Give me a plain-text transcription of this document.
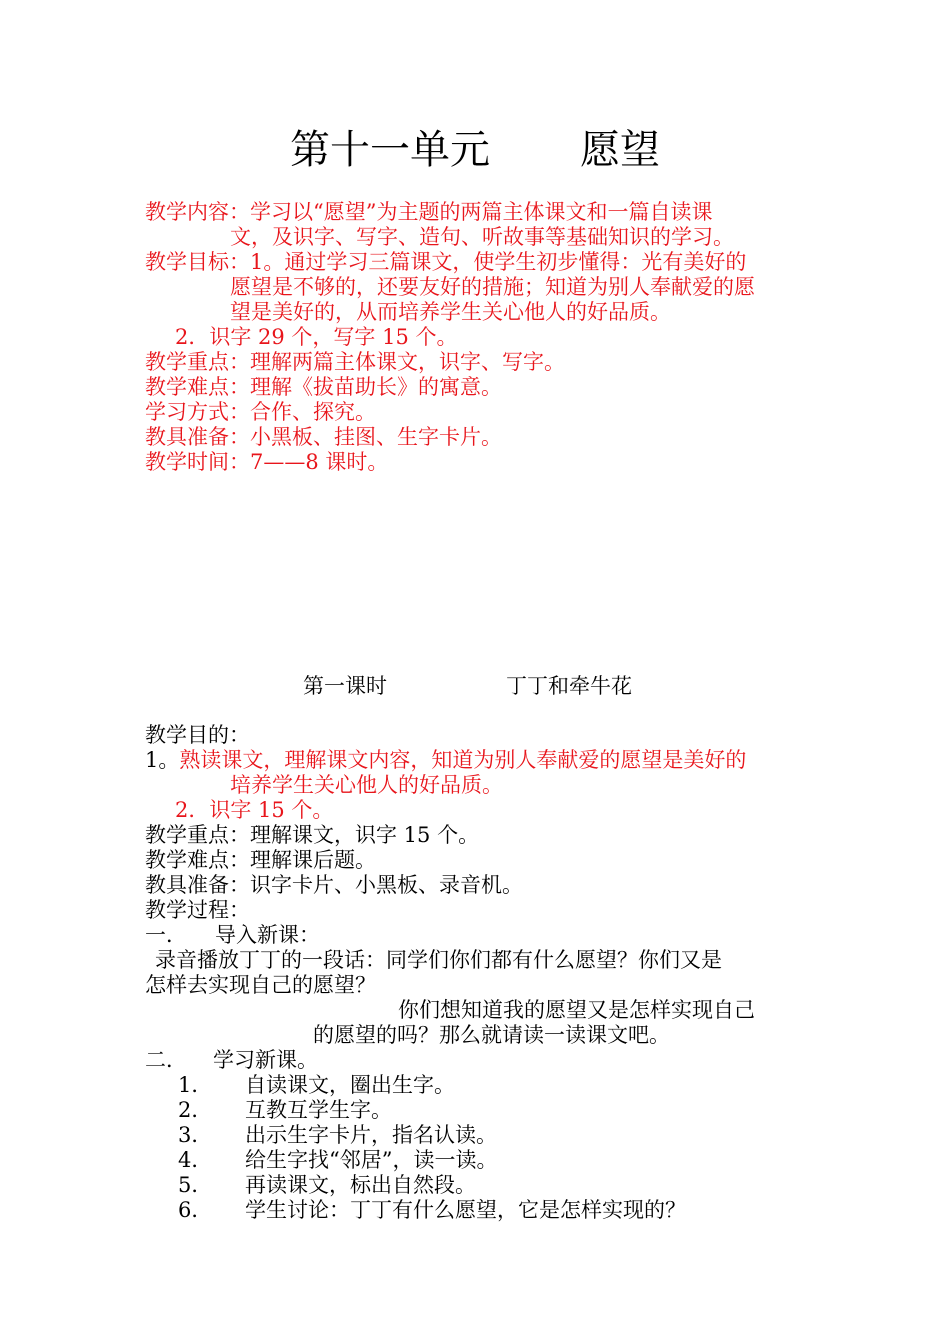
第十一单元 愿望
教学内容：学习以“愿望”为主题的两篇主体课文和一篇自读课
文，及识字、写字、造句、听故事等基础知识的学习。
教学目标：1。通过学习三篇课文，使学生初步懂得：光有美好的
愿望是不够的，还要友好的措施；知道为别人奉献爱的愿
望是美好的，从而培养学生关心他人的好品质。
2．识字 29 个，写字 15 个。
教学重点：理解两篇主体课文，识字、写字。
教学难点：理解《拔苗助长》的寓意。
学习方式：合作、探究。
教具准备：小黑板、挂图、生字卡片。
教学时间：7——8 课时。
第一课时	丁丁和牵牛花
教学目的：
1。熟读课文，理解课文内容，知道为别人奉献爱的愿望是美好的
培养学生关心他人的好品质。
2．识字 15 个。
教学重点：理解课文，识字 15 个。
教学难点：理解课后题。
教具准备：识字卡片、小黑板、录音机。
教学过程：
一． 导入新课：
录音播放丁丁的一段话：同学们你们都有什么愿望？你们又是
怎样去实现自己的愿望？
你们想知道我的愿望又是怎样实现自己
的愿望的吗？那么就请读一读课文吧。
二． 学习新课。
1． 自读课文，圈出生字。
2． 互教互学生字。
3． 出示生字卡片，指名认读。
4． 给生字找“邻居”，读一读。
5． 再读课文，标出自然段。
6． 学生讨论：丁丁有什么愿望，它是怎样实现的？
